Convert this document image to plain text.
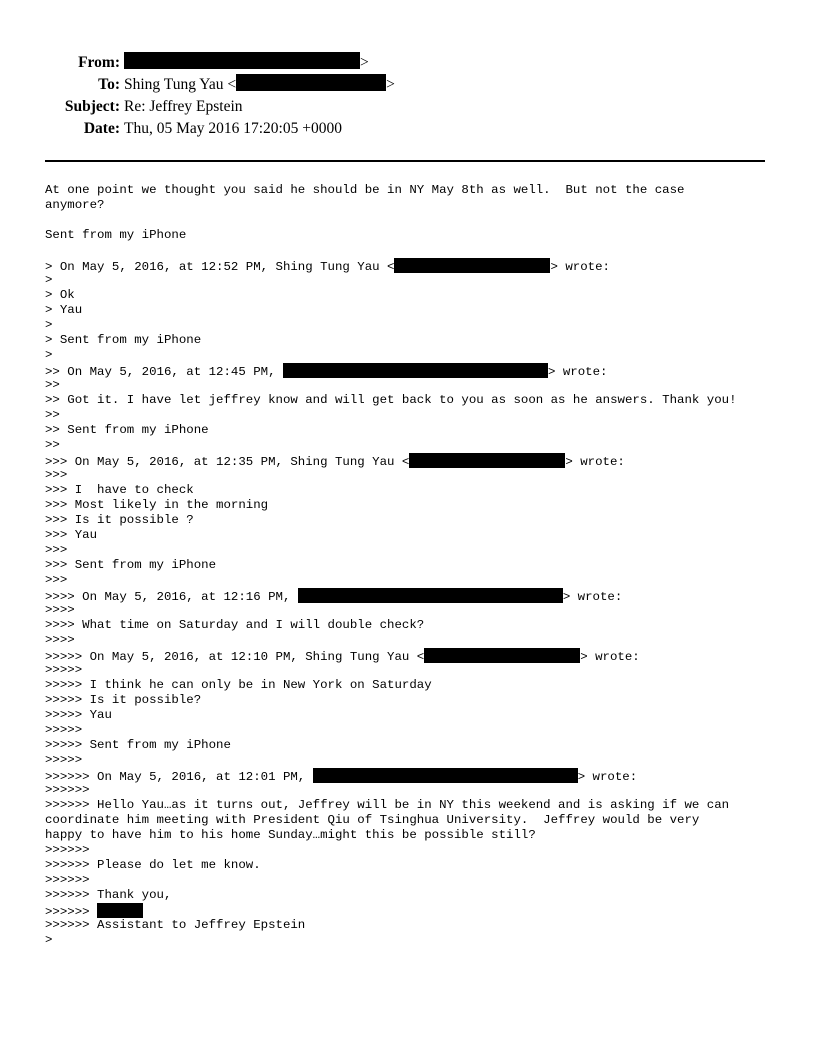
From:	>
To: Shing Tung Yau <	>
Subject: Re: Jeffrey Epstein
Date: Thu, 05 May 2016 17:20:05 +0000
At one point we thought you said he should be in NY May 8th as well.  But not the case
anymore?
Sent from my iPhone
> On May 5, 2016, at 12:52 PM, Shing Tung Yau <	> wrote:
>
> Ok
> Yau
>
> Sent from my iPhone
>
>> On May 5, 2016, at 12:45 PM,	> wrote:
>>
>> Got it. I have let jeffrey know and will get back to you as soon as he answers. Thank you!
>>
>> Sent from my iPhone
>>
>>> On May 5, 2016, at 12:35 PM, Shing Tung Yau <	> wrote:
>>>
>>> I  have to check
>>> Most likely in the morning
>>> Is it possible ?
>>> Yau
>>>
>>> Sent from my iPhone
>>>
>>>> On May 5, 2016, at 12:16 PM,	> wrote:
>>>>
>>>> What time on Saturday and I will double check?
>>>>
>>>>> On May 5, 2016, at 12:10 PM, Shing Tung Yau <	> wrote:
>>>>>
>>>>> I think he can only be in New York on Saturday
>>>>> Is it possible?
>>>>> Yau
>>>>>
>>>>> Sent from my iPhone
>>>>>
>>>>>> On May 5, 2016, at 12:01 PM,	> wrote:
>>>>>>
>>>>>> Hello Yau…as it turns out, Jeffrey will be in NY this weekend and is asking if we can
coordinate him meeting with President Qiu of Tsinghua University.  Jeffrey would be very
happy to have him to his home Sunday…might this be possible still?
>>>>>>
>>>>>> Please do let me know.
>>>>>>
>>>>>> Thank you,
>>>>>>
>>>>>> Assistant to Jeffrey Epstein
>
